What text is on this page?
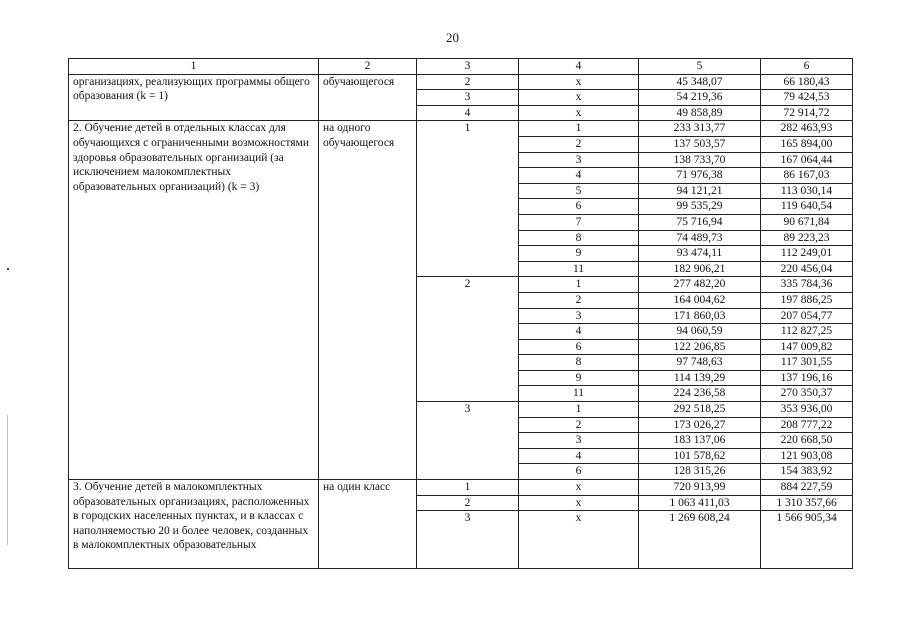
20
1	2	3	4	5	6
организациях, реализующих программы общего образования (k = 1)	обучающегося	2	х	45 348,07	66 180,43
		3	х	54 219,36	79 424,53
		4	х	49 858,89	72 914,72
2. Обучение детей в отдельных классах для обучающихся с ограниченными возможностями здоровья образовательных организаций (за исключением малокомплектных образовательных организаций) (k = 3)	на одного обучающегося	1	1	233 313,77	282 463,93
			2	137 503,57	165 894,00
			3	138 733,70	167 064,44
			4	71 976,38	86 167,03
			5	94 121,21	113 030,14
			6	99 535,29	119 640,54
			7	75 716,94	90 671,84
			8	74 489,73	89 223,23
			9	93 474,11	112 249,01
			11	182 906,21	220 456,04
		2	1	277 482,20	335 784,36
			2	164 004,62	197 886,25
			3	171 860,03	207 054,77
			4	94 060,59	112 827,25
			6	122 206,85	147 009,82
			8	97 748,63	117 301,55
			9	114 139,29	137 196,16
			11	224 236,58	270 350,37
		3	1	292 518,25	353 936,00
			2	173 026,27	208 777,22
			3	183 137,06	220 668,50
			4	101 578,62	121 903,08
			6	128 315,26	154 383,92
3. Обучение детей в малокомплектных образовательных организациях, расположенных в городских населенных пунктах, и в классах с наполняемостью 20 и более человек, созданных в малокомплектных образовательных	на один класс	1	х	720 913,99	884 227,59
		2	х	1 063 411,03	1 310 357,66
		3	х	1 269 608,24	1 566 905,34
